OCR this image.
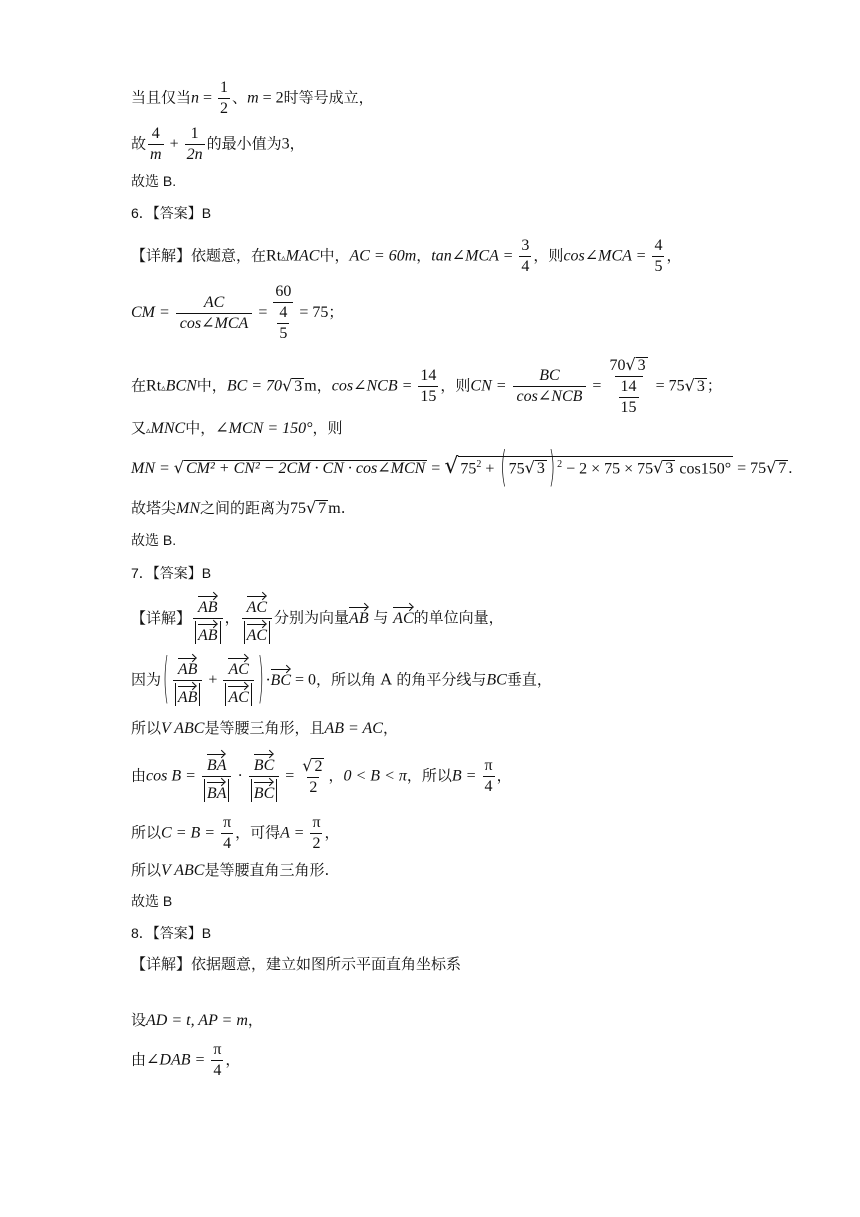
当且仅当$n = \frac{1}{2}$ 、m = 2时等号成立，
故 $\frac{4}{m} + \frac{1}{2n}$ 的最小值为3，
故选 B.
6．【答案】B
【详解】依题意，在Rt▵MAC中，AC = 60m，tan∠MCA = $\frac{3}{4}$ ，则cos∠MCA = $\frac{4}{5}$ ，
CM = $\frac{AC}{\text{cos∠MCA}} = \frac{60}{\frac{4}{5}} = 75$；
在Rt▵BCN中，BC = 70 √ 3 m，cos∠NCB = $\frac{14}{15}$ ，则CN = $\frac{BC}{\text{cos∠NCB}} = \frac{70 √ 3}{\frac{14}{15}} = 75$ √ 3 ；
又▵MNC中，∠MCN = 150°，则
MN = √ CM² + CN² − 2CM · CN · cos∠MCN = √ $75^2$ + ( 75 √ 3 ) $^2$ − 2 × 75 × 75 √ 3 cos150° = 75 √ 7 .
故塔尖MN之间的距离为75 √ 7 m.
故选 B.
7．【答案】B
【详解】 $\frac{AB}{AB}$ ， $\frac{AC}{AC}$ 分别为向量AB 与 AC的单位向量，
因为 ( $\frac{AB}{AB} + \frac{AC}{AC}$ ) ·BC = 0，所以角 A 的角平分线与BC垂直，
所以V ABC是等腰三角形，且AB = AC，
由$\cos B = \frac{BA}{BA} \cdot \frac{BC}{BC} = \frac{√ 2}{2}$ ，0 < B < π，所以$B = \frac{\pi}{4}$ ，
所以$C = B = \frac{\pi}{4}$ ，可得$A = \frac{\pi}{2}$ ，
所以V ABC是等腰直角三角形.
故选 B
8．【答案】B
【详解】依据题意，建立如图所示平面直角坐标系
设AD = t, AP = m，
由∠DAB = $\frac{\pi}{4}$ ，
